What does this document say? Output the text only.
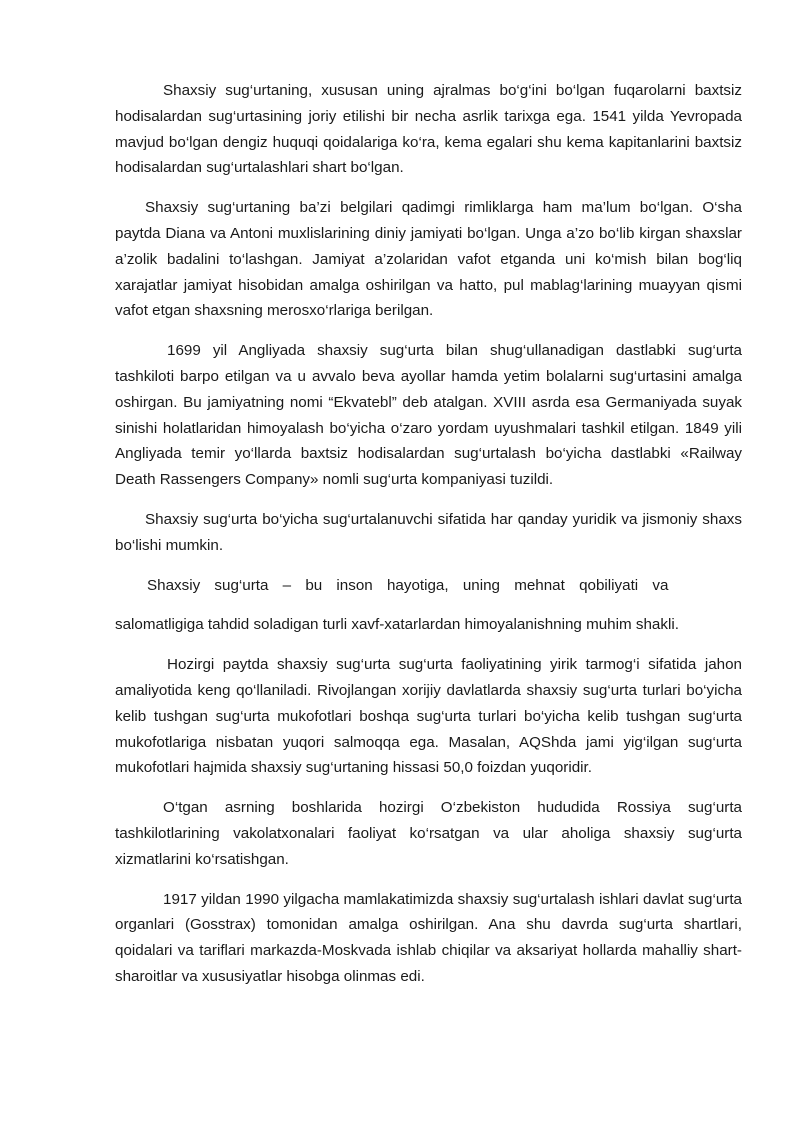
Shaxsiy sug‘urtaning, xususan uning ajralmas bo‘g‘ini bo‘lgan fuqarolarni baxtsiz hodisalardan sug‘urtasining joriy etilishi bir necha asrlik tarixga ega. 1541 yilda Yevropada mavjud bo‘lgan dengiz huquqi qoidalariga ko‘ra, kema egalari shu kema kapitanlarini baxtsiz hodisalardan sug‘urtalashlari shart bo‘lgan.

Shaxsiy sug‘urtaning ba’zi belgilari qadimgi rimliklarga ham ma’lum bo‘lgan. O‘sha paytda Diana va Antoni muxlislarining diniy jamiyati bo‘lgan. Unga a’zo bo‘lib kirgan shaxslar a’zolik badalini to‘lashgan. Jamiyat a’zolaridan vafot etganda uni ko‘mish bilan bog‘liq xarajatlar jamiyat hisobidan amalga oshirilgan va hatto, pul mablag‘larining muayyan qismi vafot etgan shaxsning merosxo‘rlariga berilgan.

1699 yil Angliyada shaxsiy sug‘urta bilan shug‘ullanadigan dastlabki sug‘urta tashkiloti barpo etilgan va u avvalo beva ayollar hamda yetim bolalarni sug‘urtasini amalga oshirgan. Bu jamiyatning nomi “Ekvatebl” deb atalgan. XVIII asrda esa Germaniyada suyak sinishi holatlaridan himoyalash bo‘yicha o‘zaro yordam uyushmalari tashkil etilgan. 1849 yili Angliyada temir yo‘llarda baxtsiz hodisalardan sug‘urtalash bo‘yicha dastlabki «Railway Death Rassengers Company» nomli sug‘urta kompaniyasi tuzildi.

Shaxsiy sug‘urta bo‘yicha sug‘urtalanuvchi sifatida har qanday yuridik va jismoniy shaxs bo‘lishi mumkin.

Shaxsiy sug‘urta – bu inson hayotiga, uning mehnat qobiliyati va

salomatligiga tahdid soladigan turli xavf-xatarlardan himoyalanishning muhim shakli.

Hozirgi paytda shaxsiy sug‘urta sug‘urta faoliyatining yirik tarmog‘i sifatida jahon amaliyotida keng qo‘llaniladi. Rivojlangan xorijiy davlatlarda shaxsiy sug‘urta turlari bo‘yicha kelib tushgan sug‘urta mukofotlari boshqa sug‘urta turlari bo‘yicha kelib tushgan sug‘urta mukofotlariga nisbatan yuqori salmoqqa ega. Masalan, AQShda jami yig‘ilgan sug‘urta mukofotlari hajmida shaxsiy sug‘urtaning hissasi 50,0 foizdan yuqoridir.

O‘tgan asrning boshlarida hozirgi O‘zbekiston hududida Rossiya sug‘urta tashkilotlarining vakolatxonalari faoliyat ko‘rsatgan va ular aholiga shaxsiy sug‘urta xizmatlarini ko‘rsatishgan.

1917 yildan 1990 yilgacha mamlakatimizda shaxsiy sug‘urtalash ishlari davlat sug‘urta organlari (Gosstrax) tomonidan amalga oshirilgan. Ana shu davrda sug‘urta shartlari, qoidalari va tariflari markazda-Moskvada ishlab chiqilar va aksariyat hollarda mahalliy shart-sharoitlar va xususiyatlar hisobga olinmas edi.
